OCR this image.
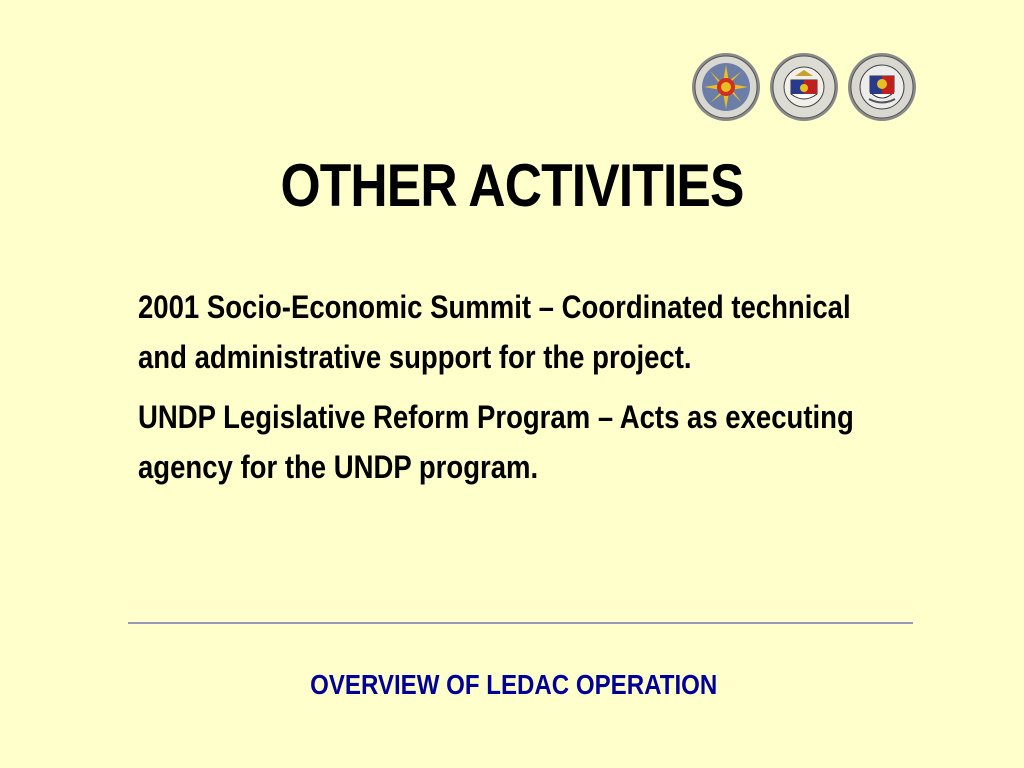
OTHER ACTIVITIES

2001 Socio-Economic Summit – Coordinated technical and administrative support for the project.

UNDP Legislative Reform Program – Acts as executing agency for the UNDP program.

OVERVIEW OF LEDAC OPERATION
